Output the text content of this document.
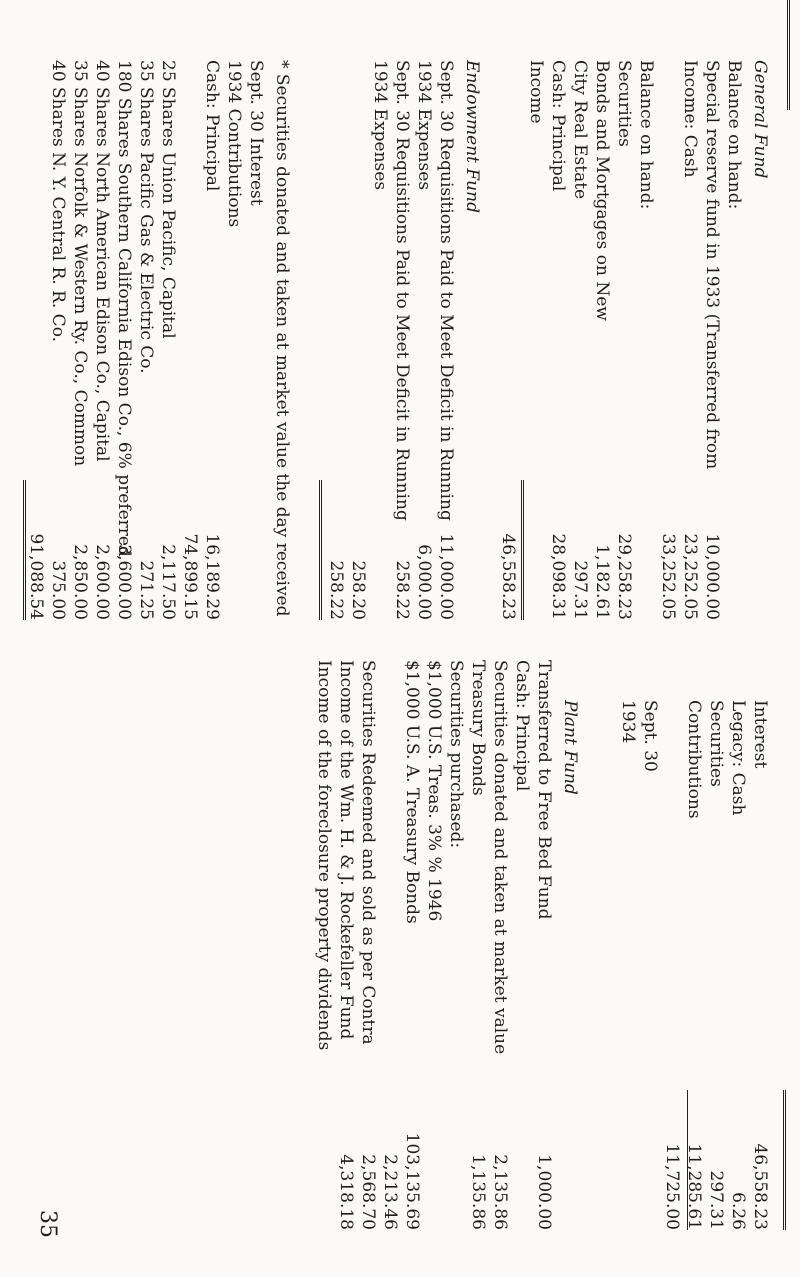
35
Interest
46,558.23
Legacy: Cash
6.26
Securities
297.31
Contributions
11,285.61
11,725.00
Sept. 30
1934
General Fund
Balance on hand:
Special reserve fund in 1933 (Transferred from
10,000.00
Income: Cash
23,252.05
33,252.05
Balance on hand:
Securities
29,258.23
Bonds and Mortgages on New
1,182.61
City Real Estate
297.31
Cash: Principal
28,098.31
Income
46,558.23
Endowment Fund
Sept. 30 Requisitions Paid to Meet Deficit in Running
11,000.00
1934 Expenses
6,000.00
Sept. 30 Requisitions Paid to Meet Deficit in Running
258.22
1934 Expenses
258.20
258.22
Plant Fund
Transferred to Free Bed Fund
1,000.00
Cash: Principal
Securities donated and taken at market value
2,135.86
Treasury Bonds
1,135.86
Securities purchased:
$1,000 U.S. Treas. 3% % 1946
$1,000 U.S. A. Treasury Bonds
103,135.69
2,213.46
Securities Redeemed and sold as per Contra
2,568.70
Income of the Wm. H. & J. Rockefeller Fund
4,318.18
Income of the foreclosure property dividends
* Securities donated and taken at market value the day received
Sept. 30 Interest
1934 Contributions
Cash: Principal
16,189.29
74,899.15
25 Shares Union Pacific, Capital
2,117.50
35 Shares Pacific Gas & Electric Co.
271.25
180 Shares Southern California Edison Co., 6% preferred
3,600.00
40 Shares North American Edison Co., Capital
2,600.00
35 Shares Norfolk & Western Ry. Co., Common
2,850.00
40 Shares N. Y. Central R. R. Co.
375.00
91,088.54
